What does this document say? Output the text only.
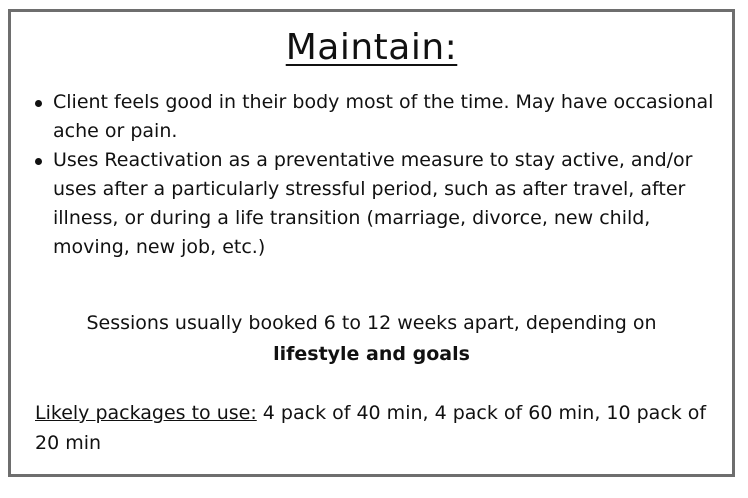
Maintain:
Client feels good in their body most of the time. May have occasional ache or pain.
Uses Reactivation as a preventative measure to stay active, and/or uses after a particularly stressful period, such as after travel, after illness, or during a life transition (marriage, divorce, new child, moving, new job, etc.)

Sessions usually booked 6 to 12 weeks apart, depending on
lifestyle and goals

Likely packages to use: 4 pack of 40 min, 4 pack of 60 min, 10 pack of 20 min
